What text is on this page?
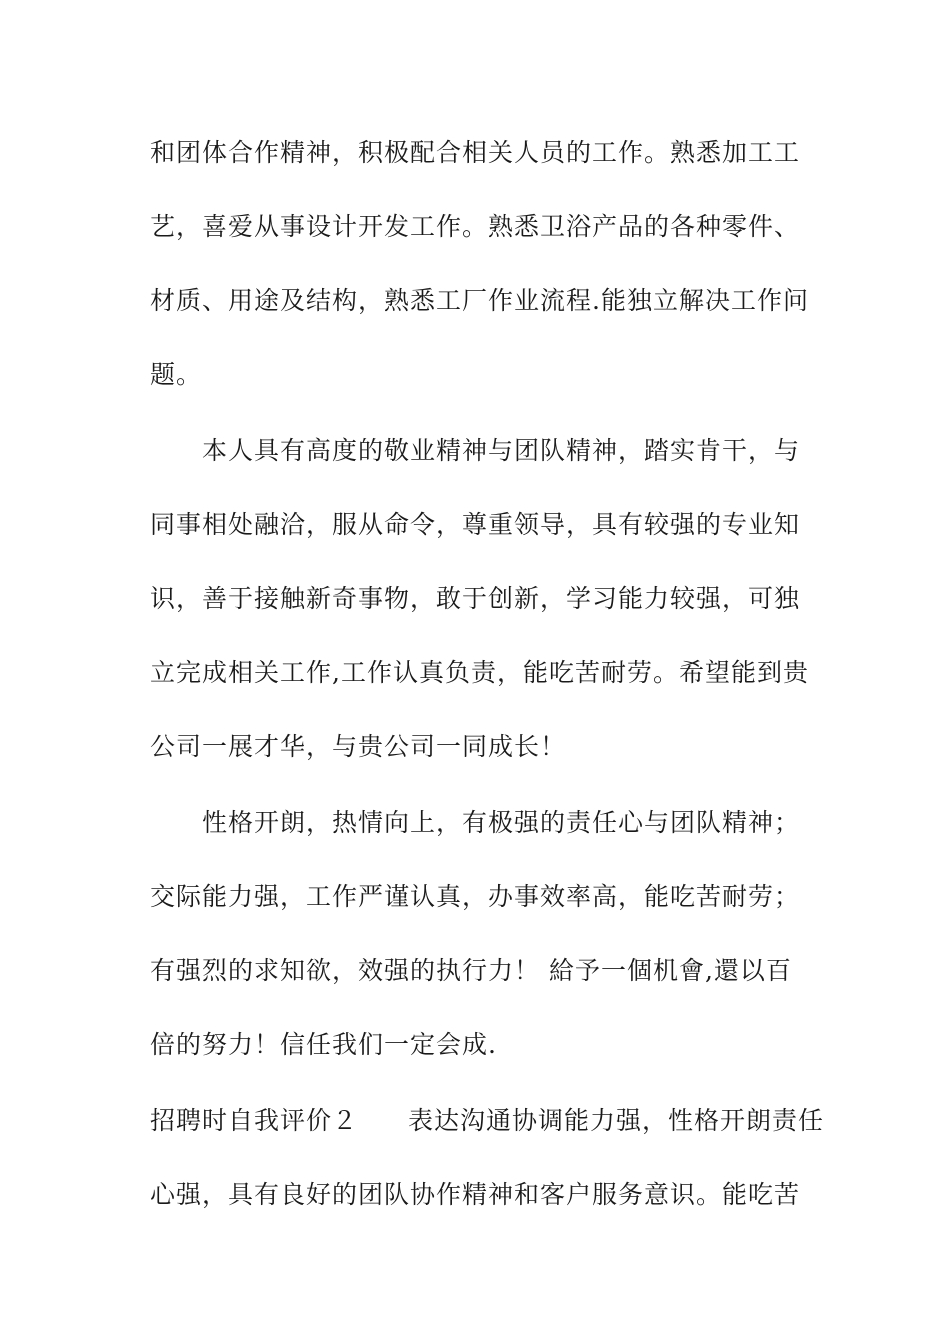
和团体合作精神，积极配合相关人员的工作。熟悉加工工
艺，喜爱从事设计开发工作。熟悉卫浴产品的各种零件、
材质、用途及结构，熟悉工厂作业流程.能独立解决工作问
题。
本人具有高度的敬业精神与团队精神，踏实肯干，与
同事相处融洽，服从命令，尊重领导，具有较强的专业知
识，善于接触新奇事物，敢于创新，学习能力较强，可独
立完成相关工作,工作认真负责，能吃苦耐劳。希望能到贵
公司一展才华，与贵公司一同成长！
性格开朗，热情向上，有极强的责任心与团队精神；
交际能力强，工作严谨认真，办事效率高，能吃苦耐劳；
有强烈的求知欲，效强的执行力！ 給予一個机會,還以百
倍的努力！信任我们一定会成.
招聘时自我评价２ 表达沟通协调能力强，性格开朗责任
心强，具有良好的团队协作精神和客户服务意识。能吃苦
